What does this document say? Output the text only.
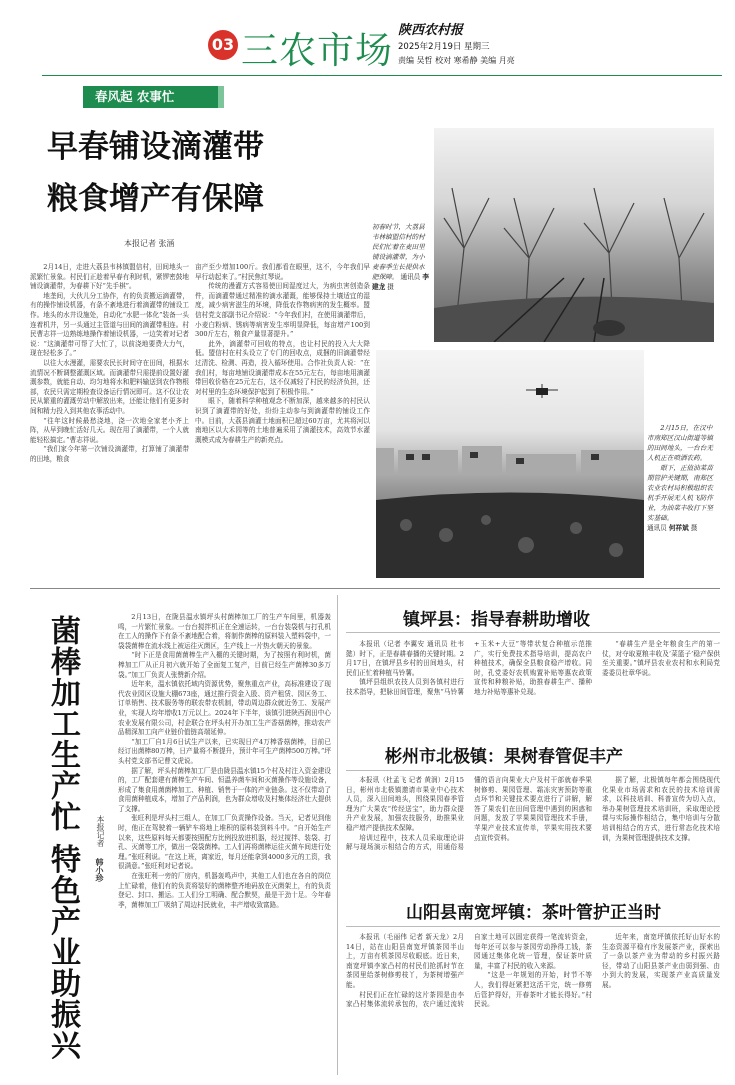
03 三农市场 陕西农村报
2025年2月19日 星期三
责编 吴哲 校对 寒希静 美编 月亮
春风起 农事忙
早春铺设滴灌带
粮食增产有保障
本报记者 张涵

2月14日，走进大荔县韦林镇盟信村，田间地头一派繁忙景象。村民们正趁着早春有利时机，紧锣密鼓地铺设滴灌带，为春耕下好“先手棋”。

地垄间，大伙儿分工协作，有的负责搬运滴灌带，有的操作铺设机器，有条不紊地进行着滴灌带的铺设工作。地头的水井设施处，自动化“水肥一体化”装备一头连着机井，另一头通过主管道与田间的滴灌带相连。村民曹志祥一边熟练地操作着铺设机器，一边笑着对记者说：“这滴灌带可帮了大忙了，以前浇地要费大力气，现在轻松多了。”

以往大水漫灌，需要农民长时间守在田间，根据水流情况不断调整灌溉区域。而滴灌带只需提前设置好灌溉参数，就能自动、均匀地将水和肥料输送到农作物根部，农民只需定期检查设备运行情况即可。这不仅让农民从繁重的灌溉劳动中解放出来，还能让他们有更多时间和精力投入到其他农事活动中。

“往年这时候最愁浇地，浇一次地全家老小齐上阵，从早到晚忙活好几天。现在用了滴灌带，一个人就能轻松搞定。”曹志祥说。

“我们家今年第一次铺设滴灌带，打算铺了滴灌带的田地，粮食

亩产至少增加100斤。我们都看在眼里，这不，今年我们早早行动起来了。”村民焦红琴说。

传统的漫灌方式容易使田间湿度过大，为病虫害创造条件，而滴灌带通过精准的滴水灌溉，能够保持土壤适宜的湿度，减少病害滋生的环境，降低农作物病害的发生概率。盟信村党支部副书记介绍说：“今年我们村，在使用滴灌带后，小麦白粉病、锈病等病害发生率明显降低，每亩增产100到300斤左右，粮食产量显著提升。”

此外，滴灌带可回收的特点，也让村民的投入大大降低。盟信村在村头设立了专门的回收点，成捆的旧滴灌带经过清洗、检测、再造，投入循环使用。合作社负责人说：“在我们村，每亩地铺设滴灌带成本在55元左右，每亩地用滴灌带回收价格在25元左右，这不仅减轻了村民的经济负担，还对村里的生态环境保护起到了积极作用。”

眼下，随着科学种植观念不断加深，越来越多的村民认识到了滴灌带的好处，纷纷主动参与到滴灌带的铺设工作中。目前，大荔县滴灌土地面积已超过60万亩，尤其将河以南地区以大禾园等的土地普遍采用了滴灌技术，高效节水灌溉模式成为春耕生产的新亮点。

初春时节，大荔县韦林镇盟信村的村民们忙着在麦田里铺设滴灌带，为小麦春季生长提供水肥保障。 通讯员 李建龙 摄
2月15日，在汉中市南郑区汉山街道等镇的田间地头，一台台无人机正在喷洒农药。
眼下，正值油菜苗期管护关键期，南郑区农业农村局积极组织农机手开展无人机飞防作业，为油菜丰收打下坚实基础。
通讯员 何祥斌 摄
菌棒加工生产忙 特色产业助振兴	本报记者 韩小珍

2月13日，在陇县温水镇坪头村菌棒加工厂的生产车间里，机器轰鸣，一片繁忙景象。一台台搅拌机正在全速运转，一台台装袋机与打孔机在工人的操作下有条不紊地配合着，将制作菌棒的原料装入塑料袋中，一袋袋菌棒在流水线上被运往灭菌区，生产线上一片热火朝天的景象。

“时下正是食用菌菌棒生产入棚的关键时期，为了按照有利时机，菌棒加工厂从正月初六就开始了全面复工复产，目前已经生产菌棒30多万袋。”加工厂负责人张赞新介绍。

近年来，温水镇依托域内资源优势，聚焦重点产业，高标准建设了现代农业园区设施大棚673座，通过推行资金入股、资产租赁、园区务工、订单销售、技术服务等的联农带农机制，带动周边群众就近务工、发展产业，实现人均年增收1万元以上。2024年下半年，该镇引进陕西润田中心农业发展有限公司，村企联合在坪头村开办加工生产香菇菌棒，推动农产品精深加工向产业链价值链高端延伸。

“加工厂自1月6日试生产以来，已实现日产4万棒香菇菌棒，目前已经订出菌棒80万棒，日产量将不断提升，预计年可生产菌棒500万棒。”坪头村党支部书记曹文虎说。

据了解，坪头村菌棒加工厂是由陇县温水镇15个村及村注入资金建设的，工厂配套建有菌棒生产车间、恒温养菌车间和灭菌操作等设施设备，形成了集食用菌菌棒加工、种植、销售于一体的产业链条。这不仅带动了食用菌种植成本，增加了产品利润，也为群众增收及村集体经济壮大提供了支撑。

张旺利是坪头村三组人，在加工厂负责操作设备。当天，记者见到他时，他正在驾驶着一辆铲车将地上堆积的原料装到料斗中。“自开始生产以来，这些原料每天都要按照配方比例投放进机器，经过搅拌、装袋、打孔、灭菌等工序，做出一袋袋菌棒。工人们再将菌棒运往灭菌车间进行处理。”张旺利说。“在这上班，离家近，每月还能拿到4000多元的工资，我很满意。”张旺利对记者说。

在张旺利一旁的厂房内，机器轰鸣声中，其他工人们也在各自的岗位上忙碌着，他们有的负责将装好的菌棒整齐地码放在灭菌架上，有的负责登记、封口、搬运。工人们分工明确、配合默契，最是干劲十足。今年春季，菌棒加工厂吸纳了周边村民就业，丰产增收致富路。

镇坪县：指导春耕助增收

本报讯（记者 李翼安 通讯员 杜韦懿）时下，正是春耕春播的关键时期。2月17日，在镇坪县乡村的田间地头，村民们正忙着种植马铃薯。

镇坪县组织农技人员到各镇村进行技术指导，把脉田间管理，聚焦“马铃薯+玉米+大豆”等带状复合种植示范推广，实行免费技术指导培训，提高农户种植技术，确保全县粮食稳产增收。同时，孔党委好农机购置补贴等惠农政策宣传和种粮补贴，助推春耕生产、播种地力补贴等惠补兑现。

“春耕生产是全年粮食生产的第一仗，对夺取夏粮丰收及‘菜篮子’稳产保供至关重要。”镇坪县农业农村和水利局党委委员杜章华说。

彬州市北极镇：果树春管促丰产

本报讯（杜孟飞 记者 黄润）2月15日，彬州市北极镇邀请市果业中心技术人员，深入田间地头，围绕果园春季管理为广大果农“传经送宝”，助力群众提升产业发展，加强农技服务，助推果业稳产增产提供技术保障。

培训过程中，技术人员采取理论讲解与现场演示相结合的方式，用通俗易懂的语言向果业大户及村干部就春季果树修剪、果园管理、霜冻灾害预防等重点环节和关键技术要点进行了讲解，解答了果农们在田间管理中遇到的困惑和问题，发放了苹果果园管理技术手册，苹果产业技术宣传单，苹果实用技术要点宣传资料。

据了解，北极镇每年都会围绕现代化果业市场需求和农民的技术培训需求，以科技培训、科普宣传为切入点，举办果树管理技术培训班，采取理论授课与实际操作相结合，集中培训与分散培训相结合的方式，进行常态化技术培训，为果树管理提供技术支撑。

山阳县南宽坪镇：茶叶管护正当时

本报讯（毛丽伟 记者 新天龙）2月14日，站在山阳县南宽坪镇茶园半山上，万亩有机茶园尽收眼底。近日来，南宽坪镇李家凸村的村民们抢抓时节在茶园里给茶树修剪枝丫，为茶树增强产能。

村民们正在忙碌的这片茶园是由李家凸村集体流转承包的，农户通过流转自家土地可以固定获得一笔流转资金，每年还可以参与茶园劳动挣得工钱，茶园通过集体化统一管理，保证茶叶质量，丰富了村民的收入来源。

“这是一年规划的开始，时节不等人，我们得赶紧把这活干完，统一修剪后管护得好，开春茶叶才能长得好。”村民说。

近年来，南宽坪镇依托好山好水的生态资源平稳有序发展茶产业，探索出了一条以茶产业为带动的乡村振兴路径，带动了山阳县茶产业由弱到强、由小到大的发展，实现茶产业高质量发展。
